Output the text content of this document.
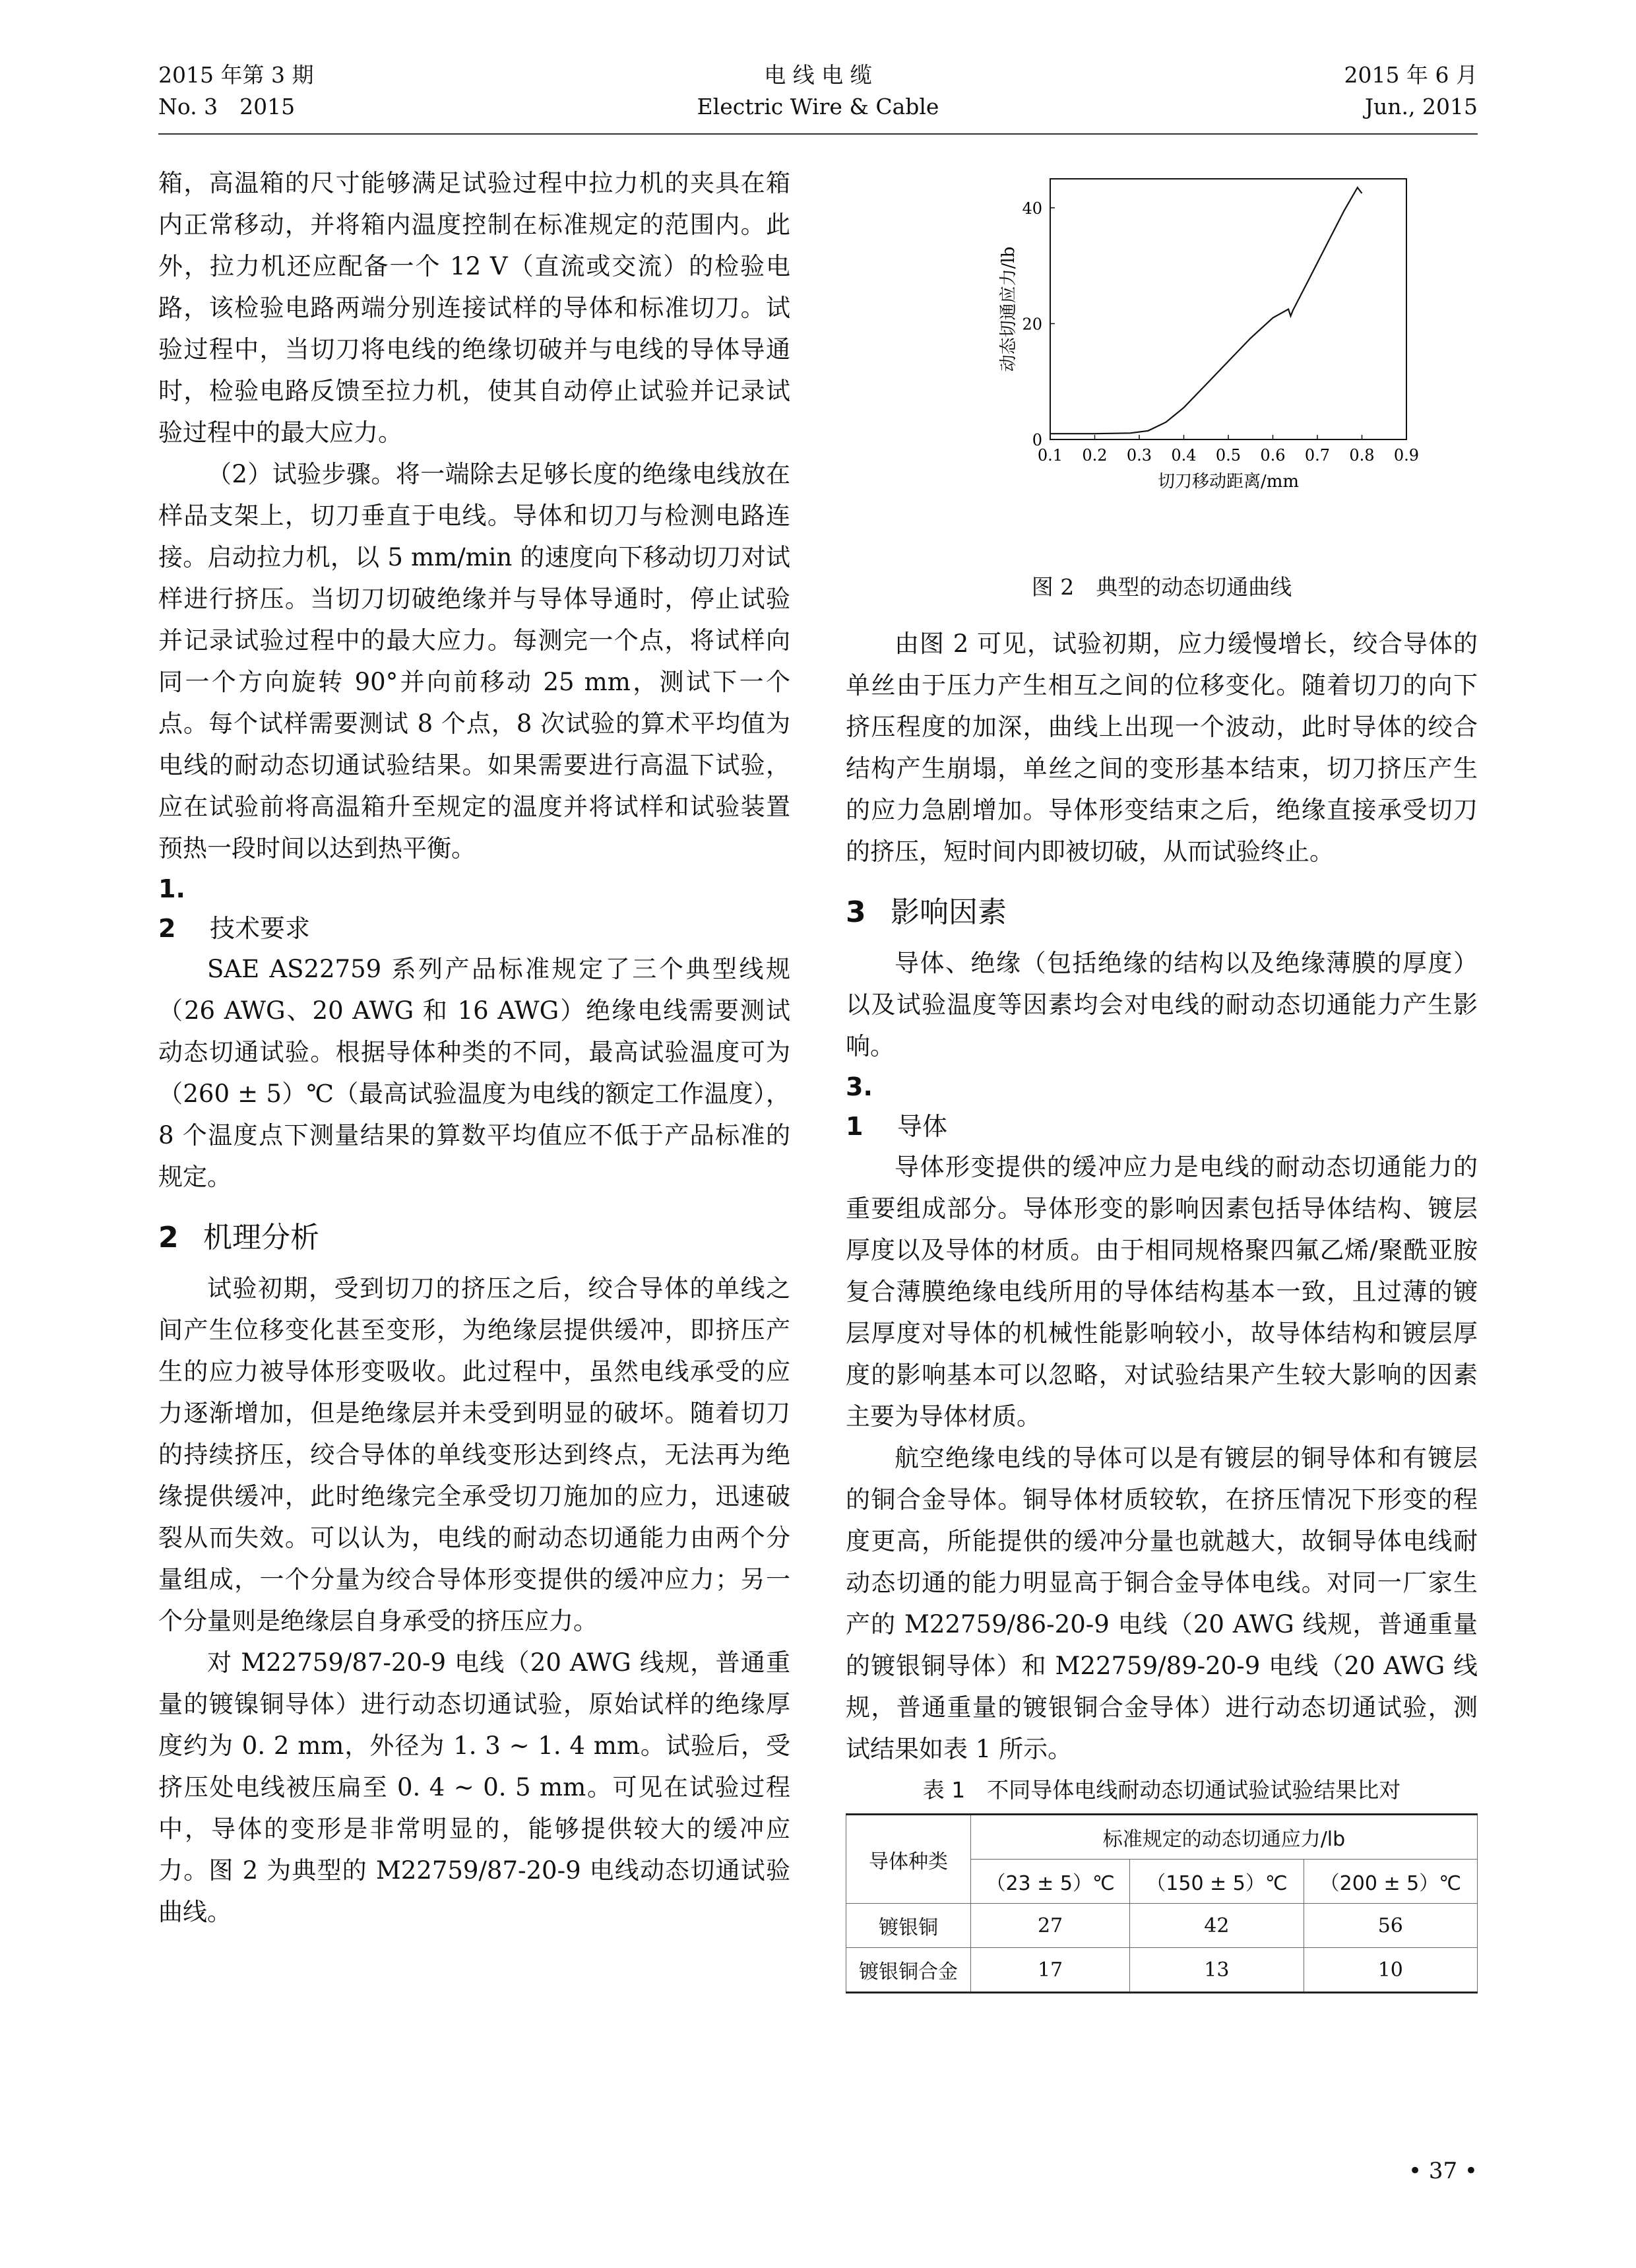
2015 年第 3 期
No. 3　2015
电 线 电 缆
Electric Wire & Cable
2015 年 6 月
Jun., 2015

箱，高温箱的尺寸能够满足试验过程中拉力机的夹具在箱内正常移动，并将箱内温度控制在标准规定的范围内。此外，拉力机还应配备一个 12 V（直流或交流）的检验电路，该检验电路两端分别连接试样的导体和标准切刀。试验过程中，当切刀将电线的绝缘切破并与电线的导体导通时，检验电路反馈至拉力机，使其自动停止试验并记录试验过程中的最大应力。

（2）试验步骤。将一端除去足够长度的绝缘电线放在样品支架上，切刀垂直于电线。导体和切刀与检测电路连接。启动拉力机，以 5 mm/min 的速度向下移动切刀对试样进行挤压。当切刀切破绝缘并与导体导通时，停止试验并记录试验过程中的最大应力。每测完一个点，将试样向同一个方向旋转 90°并向前移动 25 mm，测试下一个点。每个试样需要测试 8 个点，8 次试验的算术平均值为电线的耐动态切通试验结果。如果需要进行高温下试验，应在试验前将高温箱升至规定的温度并将试样和试验装置预热一段时间以达到热平衡。

1. 2 技术要求

SAE AS22759 系列产品标准规定了三个典型线规（26 AWG、20 AWG 和 16 AWG）绝缘电线需要测试动态切通试验。根据导体种类的不同，最高试验温度可为（260 ± 5）℃（最高试验温度为电线的额定工作温度），8 个温度点下测量结果的算数平均值应不低于产品标准的规定。

2 机理分析

试验初期，受到切刀的挤压之后，绞合导体的单线之间产生位移变化甚至变形，为绝缘层提供缓冲，即挤压产生的应力被导体形变吸收。此过程中，虽然电线承受的应力逐渐增加，但是绝缘层并未受到明显的破坏。随着切刀的持续挤压，绞合导体的单线变形达到终点，无法再为绝缘提供缓冲，此时绝缘完全承受切刀施加的应力，迅速破裂从而失效。可以认为，电线的耐动态切通能力由两个分量组成，一个分量为绞合导体形变提供的缓冲应力；另一个分量则是绝缘层自身承受的挤压应力。

对 M22759/87-20-9 电线（20 AWG 线规，普通重量的镀镍铜导体）进行动态切通试验，原始试样的绝缘厚度约为 0. 2 mm，外径为 1. 3 ~ 1. 4 mm。试验后，受挤压处电线被压扁至 0. 4 ~ 0. 5 mm。可见在试验过程中，导体的变形是非常明显的，能够提供较大的缓冲应力。图 2 为典型的 M22759/87-20-9 电线动态切通试验曲线。

0.1 0.2 0.3 0.4 0.5 0.6 0.7 0.8 0.9
0
20
40
切刀移动距离/mm
动态切通应力/lb
图 2　典型的动态切通曲线

由图 2 可见，试验初期，应力缓慢增长，绞合导体的单丝由于压力产生相互之间的位移变化。随着切刀的向下挤压程度的加深，曲线上出现一个波动，此时导体的绞合结构产生崩塌，单丝之间的变形基本结束，切刀挤压产生的应力急剧增加。导体形变结束之后，绝缘直接承受切刀的挤压，短时间内即被切破，从而试验终止。

3 影响因素

导体、绝缘（包括绝缘的结构以及绝缘薄膜的厚度）以及试验温度等因素均会对电线的耐动态切通能力产生影响。

3. 1 导体

导体形变提供的缓冲应力是电线的耐动态切通能力的重要组成部分。导体形变的影响因素包括导体结构、镀层厚度以及导体的材质。由于相同规格聚四氟乙烯/聚酰亚胺复合薄膜绝缘电线所用的导体结构基本一致，且过薄的镀层厚度对导体的机械性能影响较小，故导体结构和镀层厚度的影响基本可以忽略，对试验结果产生较大影响的因素主要为导体材质。

航空绝缘电线的导体可以是有镀层的铜导体和有镀层的铜合金导体。铜导体材质较软，在挤压情况下形变的程度更高，所能提供的缓冲分量也就越大，故铜导体电线耐动态切通的能力明显高于铜合金导体电线。对同一厂家生产的 M22759/86-20-9 电线（20 AWG 线规，普通重量的镀银铜导体）和 M22759/89-20-9 电线（20 AWG 线规，普通重量的镀银铜合金导体）进行动态切通试验，测试结果如表 1 所示。

表 1　不同导体电线耐动态切通试验试验结果比对
导体种类	标准规定的动态切通应力/lb		
	（23 ± 5）℃	（150 ± 5）℃	（200 ± 5）℃
镀银铜	27	42	56
镀银铜合金	17	13	10
• 37 •
